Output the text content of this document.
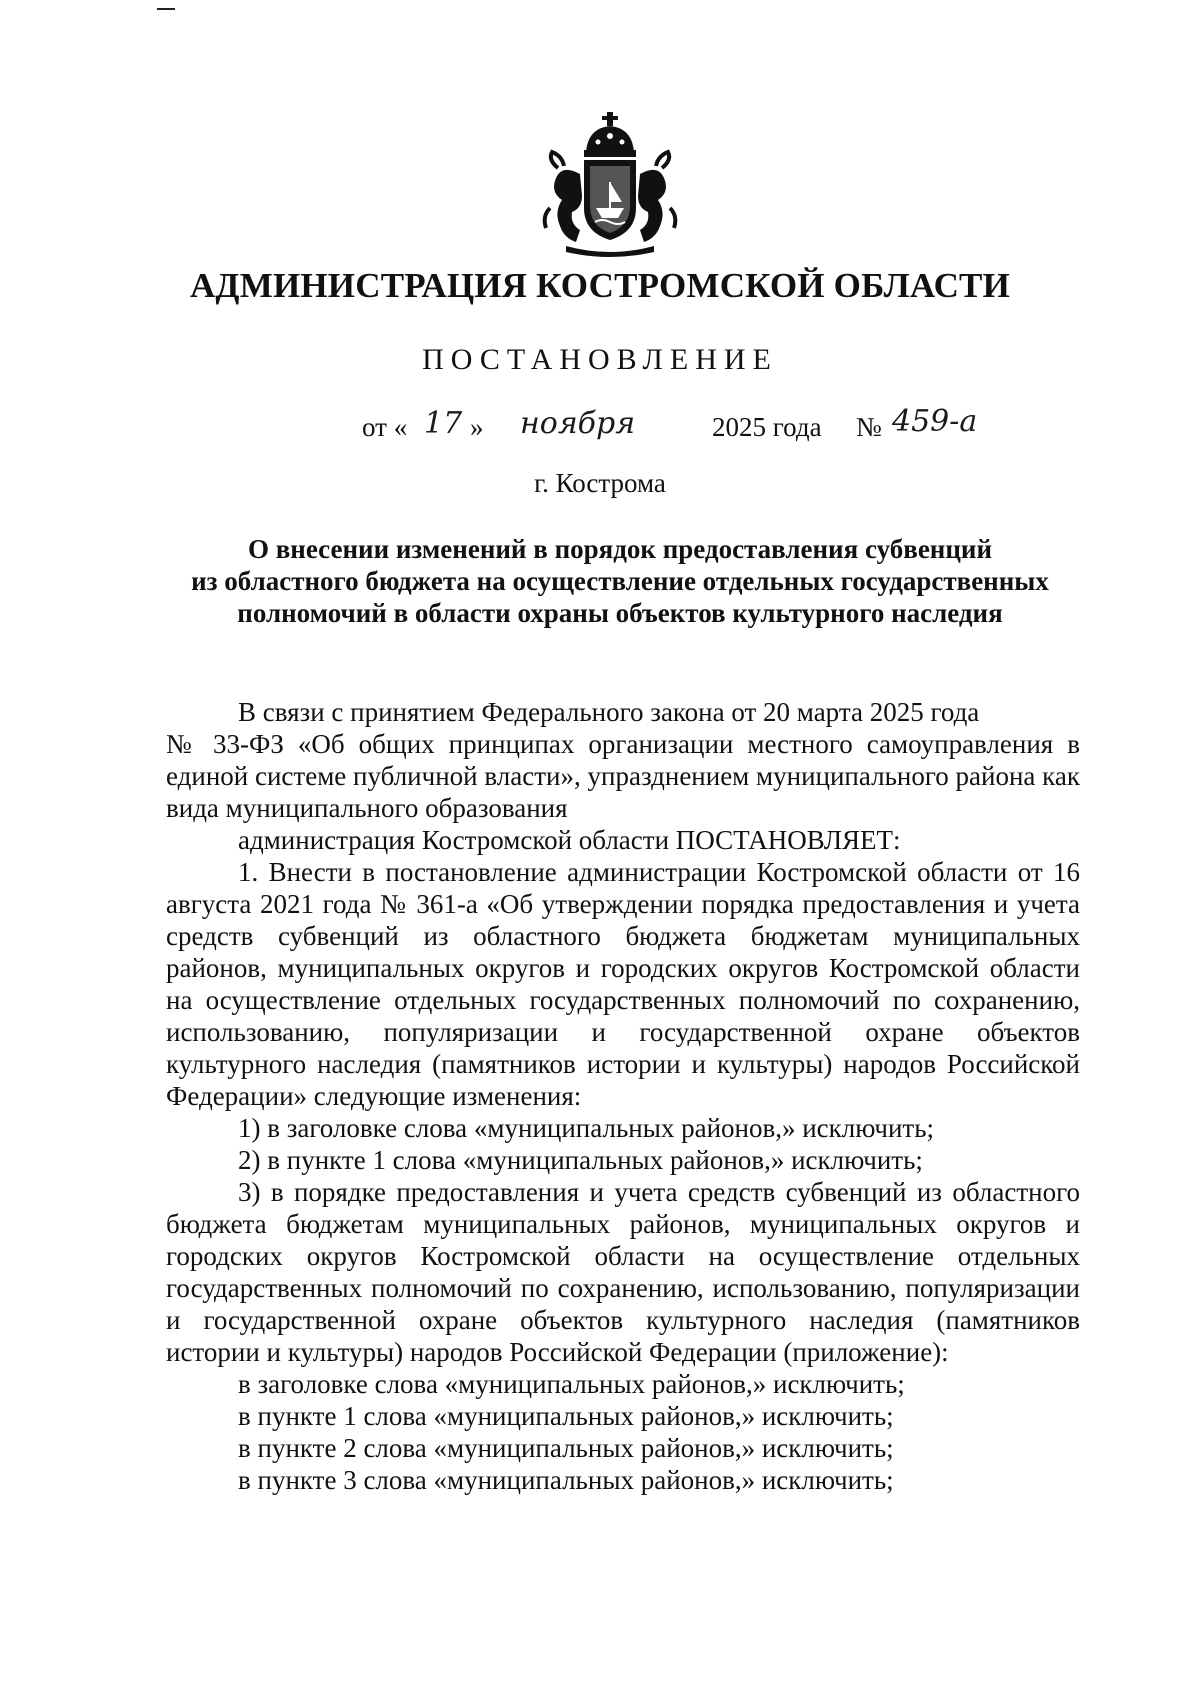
АДМИНИСТРАЦИЯ КОСТРОМСКОЙ ОБЛАСТИ
ПОСТАНОВЛЕНИЕ
от « 17 » ноября	2025 года № 459-а
г. Кострома
О внесении изменений в порядок предоставления субвенций
из областного бюджета на осуществление отдельных государственных
полномочий в области охраны объектов культурного наследия

В связи с принятием Федерального закона от 20 марта 2025 года

№ 33-ФЗ «Об общих принципах организации местного самоуправления в единой системе публичной власти», упразднением муниципального района как вида муниципального образования

администрация Костромской области ПОСТАНОВЛЯЕТ:

1. Внести в постановление администрации Костромской области от 16 августа 2021 года № 361-а «Об утверждении порядка предоставления и учета средств субвенций из областного бюджета бюджетам муниципальных районов, муниципальных округов и городских округов Костромской области на осуществление отдельных государственных полномочий по сохранению, использованию, популяризации и государственной охране объектов культурного наследия (памятников истории и культуры) народов Российской Федерации» следующие изменения:

1) в заголовке слова «муниципальных районов,» исключить;

2) в пункте 1 слова «муниципальных районов,» исключить;

3) в порядке предоставления и учета средств субвенций из областного бюджета бюджетам муниципальных районов, муниципальных округов и городских округов Костромской области на осуществление отдельных государственных полномочий по сохранению, использованию, популяризации и государственной охране объектов культурного наследия (памятников истории и культуры) народов Российской Федерации (приложение):

в заголовке слова «муниципальных районов,» исключить;

в пункте 1 слова «муниципальных районов,» исключить;

в пункте 2 слова «муниципальных районов,» исключить;

в пункте 3 слова «муниципальных районов,» исключить;
